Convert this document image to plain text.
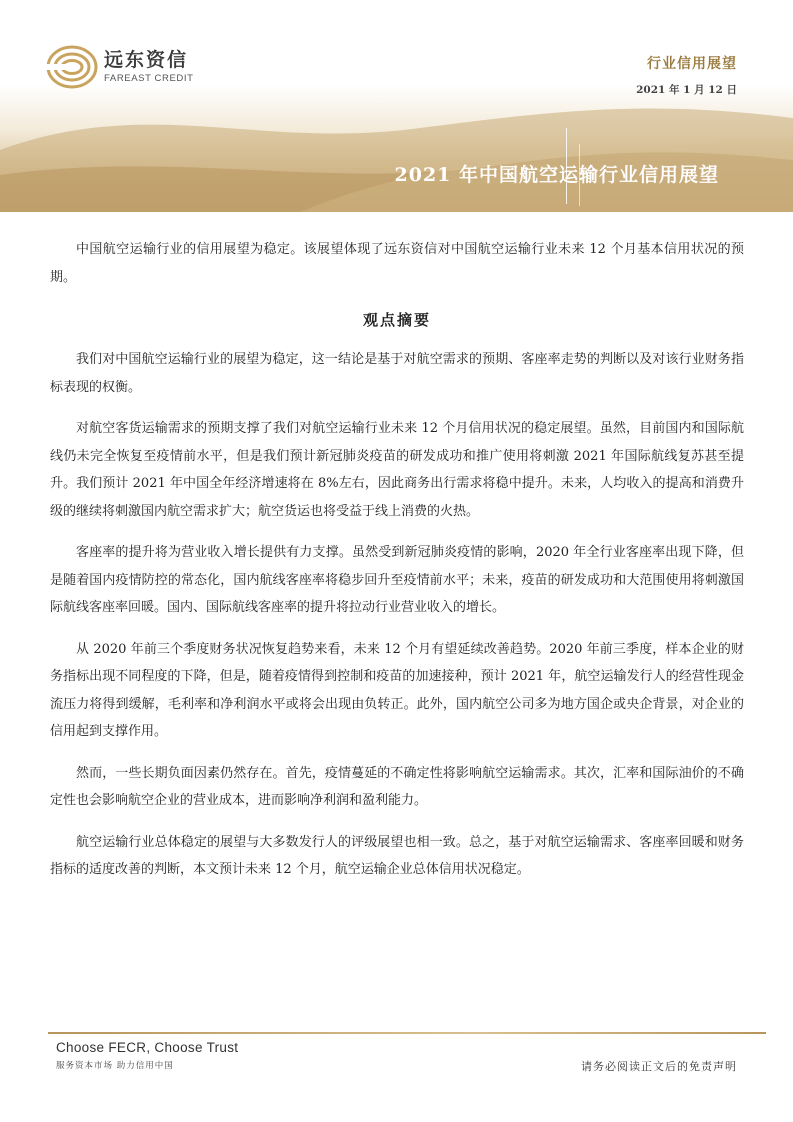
远东资信
FAREAST CREDIT
行业信用展望
2021 年 1 月 12 日
2021 年中国航空运输行业信用展望

中国航空运输行业的信用展望为稳定。该展望体现了远东资信对中国航空运输行业未来 12 个月基本信用状况的预期。

观点摘要

我们对中国航空运输行业的展望为稳定，这一结论是基于对航空需求的预期、客座率走势的判断以及对该行业财务指标表现的权衡。

对航空客货运输需求的预期支撑了我们对航空运输行业未来 12 个月信用状况的稳定展望。虽然，目前国内和国际航线仍未完全恢复至疫情前水平，但是我们预计新冠肺炎疫苗的研发成功和推广使用将刺激 2021 年国际航线复苏甚至提升。我们预计 2021 年中国全年经济增速将在 8%左右，因此商务出行需求将稳中提升。未来，人均收入的提高和消费升级的继续将刺激国内航空需求扩大；航空货运也将受益于线上消费的火热。

客座率的提升将为营业收入增长提供有力支撑。虽然受到新冠肺炎疫情的影响，2020 年全行业客座率出现下降，但是随着国内疫情防控的常态化，国内航线客座率将稳步回升至疫情前水平；未来，疫苗的研发成功和大范围使用将刺激国际航线客座率回暖。国内、国际航线客座率的提升将拉动行业营业收入的增长。

从 2020 年前三个季度财务状况恢复趋势来看，未来 12 个月有望延续改善趋势。2020 年前三季度，样本企业的财务指标出现不同程度的下降，但是，随着疫情得到控制和疫苗的加速接种，预计 2021 年，航空运输发行人的经营性现金流压力将得到缓解，毛利率和净利润水平或将会出现由负转正。此外，国内航空公司多为地方国企或央企背景，对企业的信用起到支撑作用。

然而，一些长期负面因素仍然存在。首先，疫情蔓延的不确定性将影响航空运输需求。其次，汇率和国际油价的不确定性也会影响航空企业的营业成本，进而影响净利润和盈利能力。

航空运输行业总体稳定的展望与大多数发行人的评级展望也相一致。总之，基于对航空运输需求、客座率回暖和财务指标的适度改善的判断，本文预计未来 12 个月，航空运输企业总体信用状况稳定。

Choose FECR, Choose Trust
服务资本市场 助力信用中国	请务必阅读正文后的免责声明
